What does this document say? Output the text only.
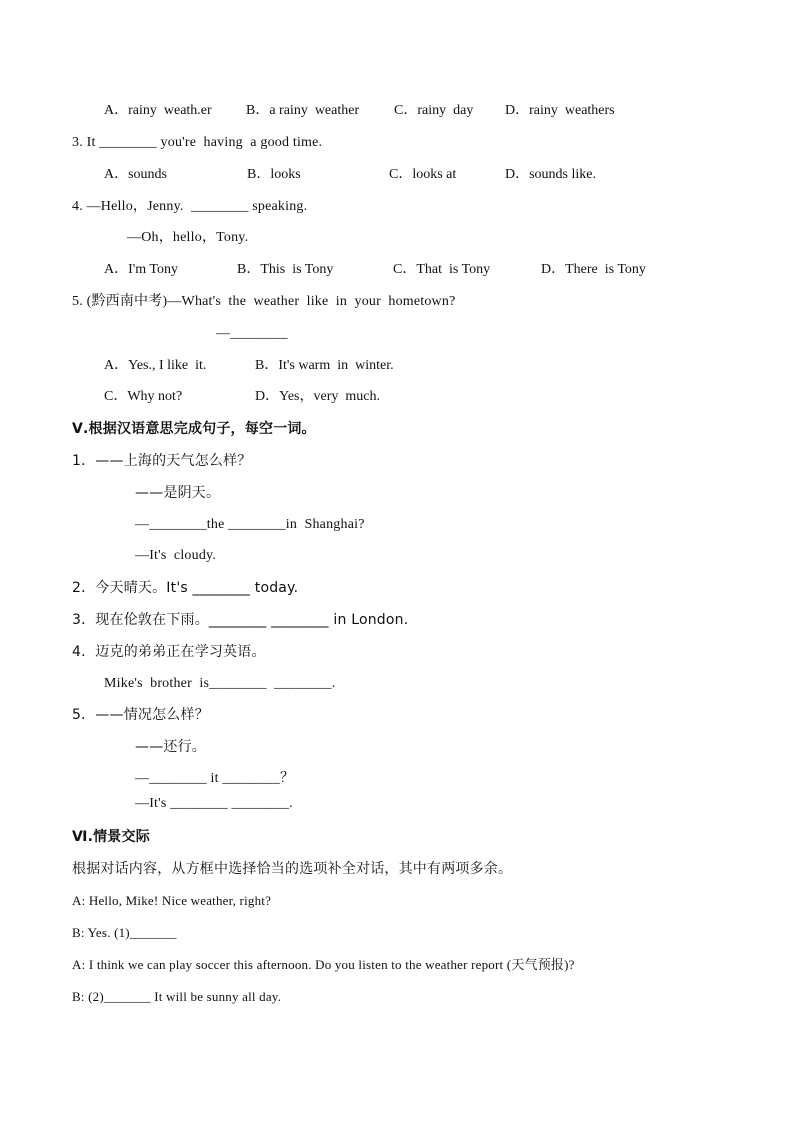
A．rainy  weath.er B．a rainy  weather C．rainy  day D．rainy  weathers
3. It ________ you're  having  a good time.
A．sounds	B．looks	C．looks at	D．sounds like.
4. —Hello，Jenny.  ________ speaking.
—Oh，hello，Tony.
A．I'm Tony	B．This  is Tony	C．That  is Tony	D．There  is Tony
5. (黔西南中考)—What's  the  weather  like  in  your  hometown?
—________
A．Yes., I like  it.	B．It's warm  in  winter.
C．Why not?	D．Yes，very  much.
Ⅴ.根据汉语意思完成句子，每空一词。
1．——上海的天气怎么样？
——是阴天。
—________the ________in  Shanghai?
—It's  cloudy.
2．今天晴天。It's ________ today.
3．现在伦敦在下雨。________ ________ in London.
4．迈克的弟弟正在学习英语。
Mike's  brother  is________  ________.
5．——情况怎么样？
——还行。
—________ it ________？
—It's ________ ________.
Ⅵ.情景交际
根据对话内容，从方框中选择恰当的选项补全对话，其中有两项多余。
A: Hello, Mike! Nice weather, right?
B: Yes. (1)_______
A: I think we can play soccer this afternoon. Do you listen to the weather report (天气预报)?
B: (2)_______ It will be sunny all day.
